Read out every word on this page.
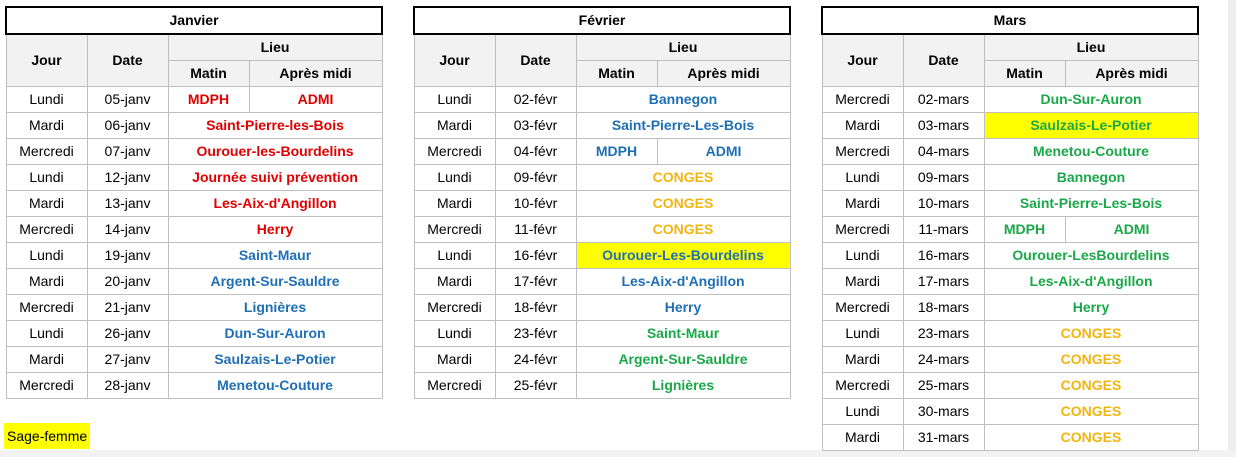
Janvier			
Jour	Date	Lieu	
		Matin	Après midi
Lundi	05-janv	MDPH	ADMI
Mardi	06-janv	Saint-Pierre-les-Bois	
Mercredi	07-janv	Ourouer-les-Bourdelins	
Lundi	12-janv	Journée suivi prévention	
Mardi	13-janv	Les-Aix-d'Angillon	
Mercredi	14-janv	Herry	
Lundi	19-janv	Saint-Maur	
Mardi	20-janv	Argent-Sur-Sauldre	
Mercredi	21-janv	Lignières	
Lundi	26-janv	Dun-Sur-Auron	
Mardi	27-janv	Saulzais-Le-Potier	
Mercredi	28-janv	Menetou-Couture	
Février			
Jour	Date	Lieu	
		Matin	Après midi
Lundi	02-févr	Bannegon	
Mardi	03-févr	Saint-Pierre-Les-Bois	
Mercredi	04-févr	MDPH	ADMI
Lundi	09-févr	CONGES	
Mardi	10-févr	CONGES	
Mercredi	11-févr	CONGES	
Lundi	16-févr	Ourouer-Les-Bourdelins	
Mardi	17-févr	Les-Aix-d'Angillon	
Mercredi	18-févr	Herry	
Lundi	23-févr	Saint-Maur	
Mardi	24-févr	Argent-Sur-Sauldre	
Mercredi	25-févr	Lignières	
Mars			
Jour	Date	Lieu	
		Matin	Après midi
Mercredi	02-mars	Dun-Sur-Auron	
Mardi	03-mars	Saulzais-Le-Potier	
Mercredi	04-mars	Menetou-Couture	
Lundi	09-mars	Bannegon	
Mardi	10-mars	Saint-Pierre-Les-Bois	
Mercredi	11-mars	MDPH	ADMI
Lundi	16-mars	Ourouer-LesBourdelins	
Mardi	17-mars	Les-Aix-d'Angillon	
Mercredi	18-mars	Herry	
Lundi	23-mars	CONGES	
Mardi	24-mars	CONGES	
Mercredi	25-mars	CONGES	
Lundi	30-mars	CONGES	
Mardi	31-mars	CONGES	
Sage-femme
